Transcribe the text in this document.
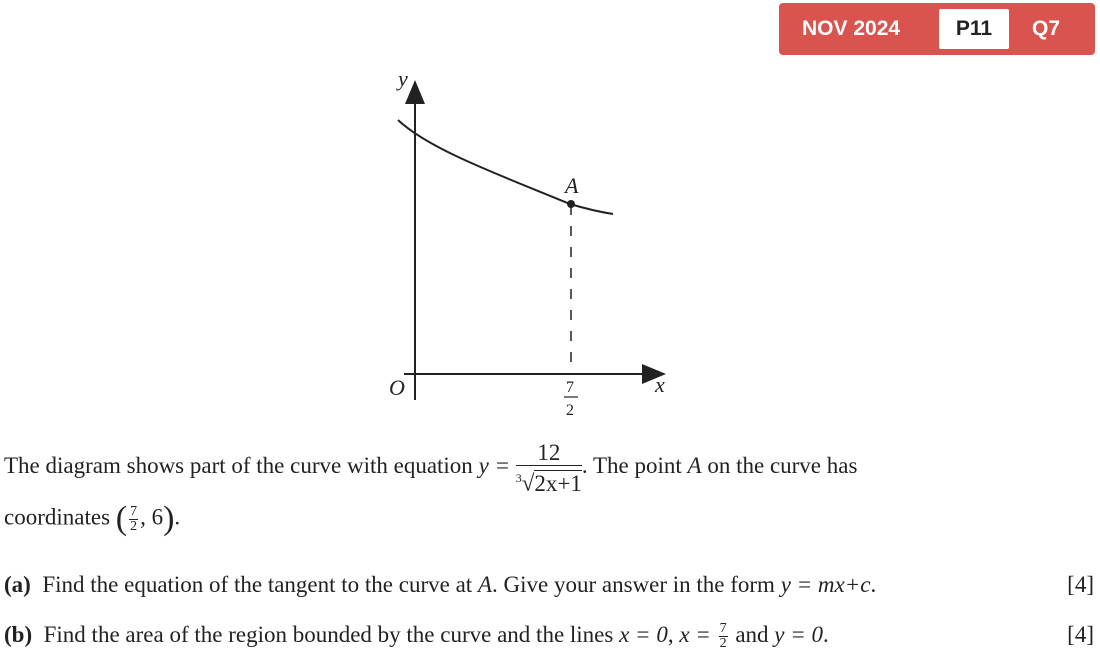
NOV 2024	P11	Q7
y
x
O
A
7
2
The diagram shows part of the curve with equation $y = \frac{12}{^3√2x+1}$ . The point A on the curve has
coordinates ( $\frac{7}{2}$ , 6).
(a) Find the equation of the tangent to the curve at A. Give your answer in the form y = mx+c.	[4]
(b) Find the area of the region bounded by the curve and the lines x = 0, $x = \frac{7}{2}$ and y = 0.	[4]
